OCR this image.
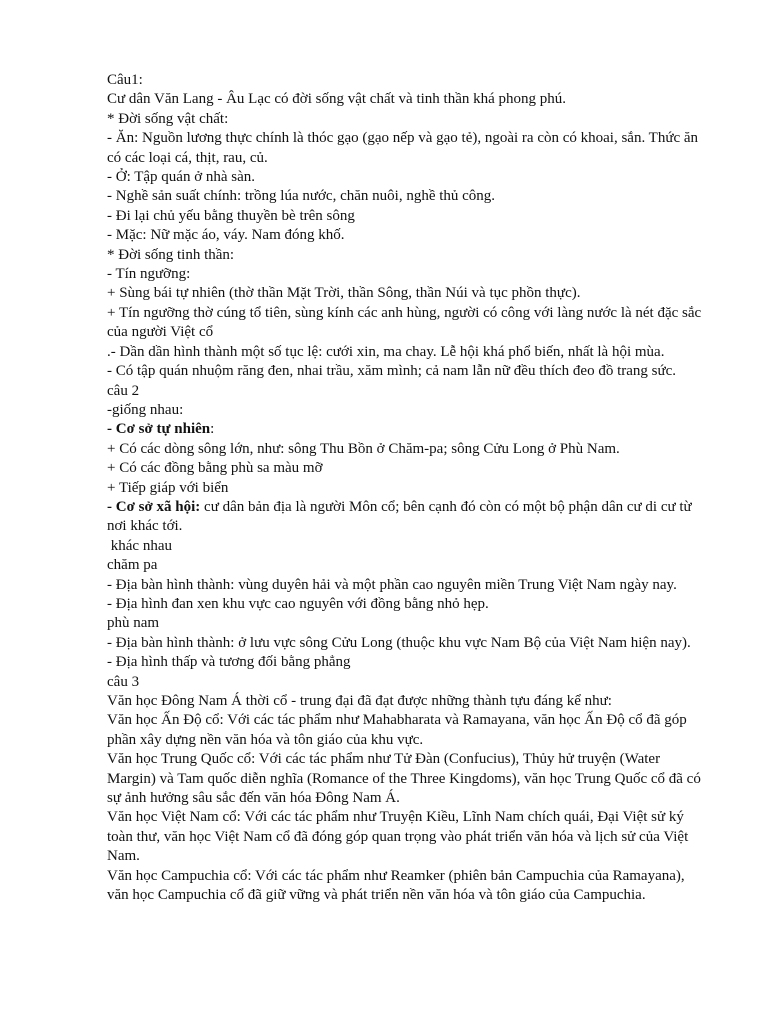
Câu1:

Cư dân Văn Lang - Âu Lạc có đời sống vật chất và tinh thần khá phong phú.

* Đời sống vật chất:

- Ăn: Nguồn lương thực chính là thóc gạo (gạo nếp và gạo tẻ), ngoài ra còn có khoai, sắn. Thức ăn có các loại cá, thịt, rau, củ.

- Ở: Tập quán ở nhà sàn.

- Nghề sản suất chính: trồng lúa nước, chăn nuôi, nghề thủ công.

- Đi lại chủ yếu bằng thuyền bè trên sông

- Mặc: Nữ mặc áo, váy. Nam đóng khố.

* Đời sống tinh thần:

- Tín ngưỡng:

+ Sùng bái tự nhiên (thờ thần Mặt Trời, thần Sông, thần Núi và tục phồn thực).

+ Tín ngưỡng thờ cúng tổ tiên, sùng kính các anh hùng, người có công với làng nước là nét đặc sắc của người Việt cổ

.- Dần dần hình thành một số tục lệ: cưới xin, ma chay. Lễ hội khá phổ biến, nhất là hội mùa.

- Có tập quán nhuộm răng đen, nhai trầu, xăm mình; cả nam lẫn nữ đều thích đeo đồ trang sức.

câu 2

-giống nhau:

- Cơ sở tự nhiên:

+ Có các dòng sông lớn, như: sông Thu Bồn ở Chăm-pa; sông Cửu Long ở Phù Nam.

+ Có các đồng bằng phù sa màu mỡ

+ Tiếp giáp với biển

- Cơ sở xã hội: cư dân bản địa là người Môn cổ; bên cạnh đó còn có một bộ phận dân cư di cư từ nơi khác tới.

khác nhau

chăm pa

- Địa bàn hình thành: vùng duyên hải và một phần cao nguyên miền Trung Việt Nam ngày nay.

- Địa hình đan xen khu vực cao nguyên với đồng bằng nhỏ hẹp.

phù nam

- Địa bàn hình thành: ở lưu vực sông Cửu Long (thuộc khu vực Nam Bộ của Việt Nam hiện nay).

- Địa hình thấp và tương đối bằng phẳng

câu 3

Văn học Đông Nam Á thời cổ - trung đại đã đạt được những thành tựu đáng kể như:

Văn học Ấn Độ cổ: Với các tác phẩm như Mahabharata và Ramayana, văn học Ấn Độ cổ đã góp phần xây dựng nền văn hóa và tôn giáo của khu vực.

Văn học Trung Quốc cổ: Với các tác phẩm như Tử Đàn (Confucius), Thủy hử truyện (Water Margin) và Tam quốc diễn nghĩa (Romance of the Three Kingdoms), văn học Trung Quốc cổ đã có sự ảnh hưởng sâu sắc đến văn hóa Đông Nam Á.

Văn học Việt Nam cổ: Với các tác phẩm như Truyện Kiều, Lĩnh Nam chích quái, Đại Việt sử ký toàn thư, văn học Việt Nam cổ đã đóng góp quan trọng vào phát triển văn hóa và lịch sử của Việt Nam.

Văn học Campuchia cổ: Với các tác phẩm như Reamker (phiên bản Campuchia của Ramayana), văn học Campuchia cổ đã giữ vững và phát triển nền văn hóa và tôn giáo của Campuchia.
